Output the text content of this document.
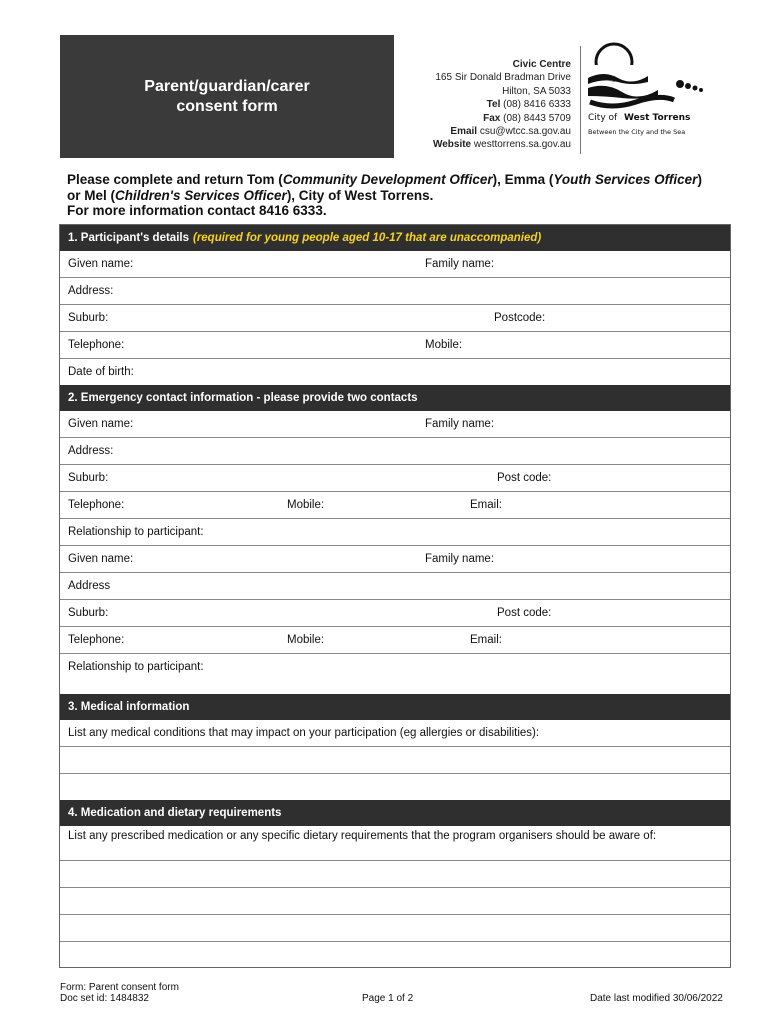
Parent/guardian/carer
consent form
Civic Centre
165 Sir Donald Bradman Drive
Hilton, SA 5033
Tel (08) 8416 6333
Fax (08) 8443 5709
Email csu@wtcc.sa.gov.au
Website westtorrens.sa.gov.au
City of West Torrens
Between the City and the Sea
Please complete and return Tom (Community Development Officer), Emma (Youth Services Officer) or Mel (Children's Services Officer), City of West Torrens.
For more information contact 8416 6333.
1. Participant's details (required for young people aged 10-17 that are unaccompanied)
Given name:	Family name:
Address:
Suburb:	Postcode:
Telephone:	Mobile:
Date of birth:
2. Emergency contact information - please provide two contacts
Given name:	Family name:
Address:
Suburb:	Post code:
Telephone:	Mobile:	Email:
Relationship to participant:
Given name:	Family name:
Address
Suburb:	Post code:
Telephone:	Mobile:	Email:
Relationship to participant:
3. Medical information
List any medical conditions that may impact on your participation (eg allergies or disabilities):
4. Medication and dietary requirements
List any prescribed medication or any specific dietary requirements that the program organisers should be aware of:
Form: Parent consent form
Doc set id: 1484832	Page 1 of 2	Date last modified 30/06/2022
